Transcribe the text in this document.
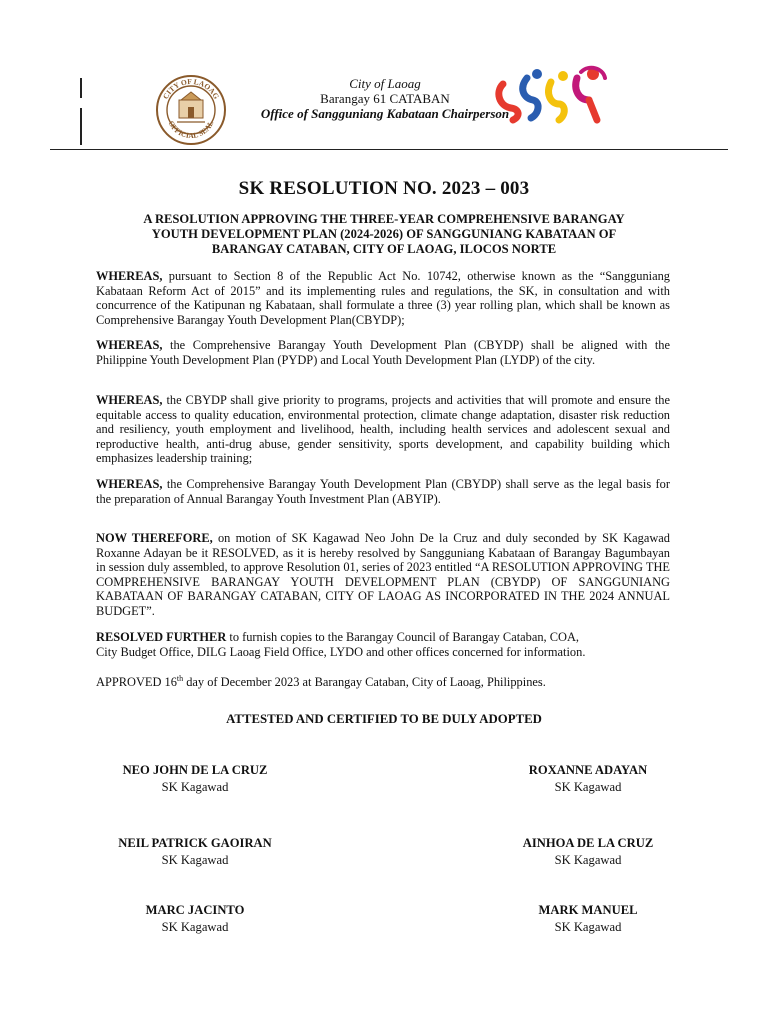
CITY OF LAOAG
OFFICIAL SEAL
City of Laoag
Barangay 61 CATABAN
Office of Sangguniang Kabataan Chairperson
SK RESOLUTION NO. 2023 – 003
A RESOLUTION APPROVING THE THREE-YEAR COMPREHENSIVE BARANGAY YOUTH DEVELOPMENT PLAN (2024-2026) OF SANGGUNIANG KABATAAN OF BARANGAY CATABAN, CITY OF LAOAG, ILOCOS NORTE
WHEREAS, pursuant to Section 8 of the Republic Act No. 10742, otherwise known as the “Sangguniang Kabataan Reform Act of 2015” and its implementing rules and regulations, the SK, in consultation and with concurrence of the Katipunan ng Kabataan, shall formulate a three (3) year rolling plan, which shall be known as Comprehensive Barangay Youth Development Plan(CBYDP);
WHEREAS, the Comprehensive Barangay Youth Development Plan (CBYDP) shall be aligned with the Philippine Youth Development Plan (PYDP) and Local Youth Development Plan (LYDP) of the city.
WHEREAS, the CBYDP shall give priority to programs, projects and activities that will promote and ensure the equitable access to quality education, environmental protection, climate change adaptation, disaster risk reduction and resiliency, youth employment and livelihood, health, including health services and adolescent sexual and reproductive health, anti-drug abuse, gender sensitivity, sports development, and capability building which emphasizes leadership training;
WHEREAS, the Comprehensive Barangay Youth Development Plan (CBYDP) shall serve as the legal basis for the preparation of Annual Barangay Youth Investment Plan (ABYIP).
NOW THEREFORE, on motion of SK Kagawad Neo John De la Cruz and duly seconded by SK Kagawad Roxanne Adayan be it RESOLVED, as it is hereby resolved by Sangguniang Kabataan of Barangay Bagumbayan in session duly assembled, to approve Resolution 01, series of 2023 entitled “A RESOLUTION APPROVING THE COMPREHENSIVE BARANGAY YOUTH DEVELOPMENT PLAN (CBYDP) OF SANGGUNIANG KABATAAN OF BARANGAY CATABAN, CITY OF LAOAG AS INCORPORATED IN THE 2024 ANNUAL BUDGET”.
RESOLVED FURTHER to furnish copies to the Barangay Council of Barangay Cataban, COA,
City Budget Office, DILG Laoag Field Office, LYDO and other offices concerned for information.
APPROVED 16th day of December 2023 at Barangay Cataban, City of Laoag, Philippines.
ATTESTED AND CERTIFIED TO BE DULY ADOPTED
NEO JOHN DE LA CRUZ
SK Kagawad
ROXANNE ADAYAN
SK Kagawad
NEIL PATRICK GAOIRAN
SK Kagawad
AINHOA DE LA CRUZ
SK Kagawad
MARC JACINTO
SK Kagawad
MARK MANUEL
SK Kagawad
